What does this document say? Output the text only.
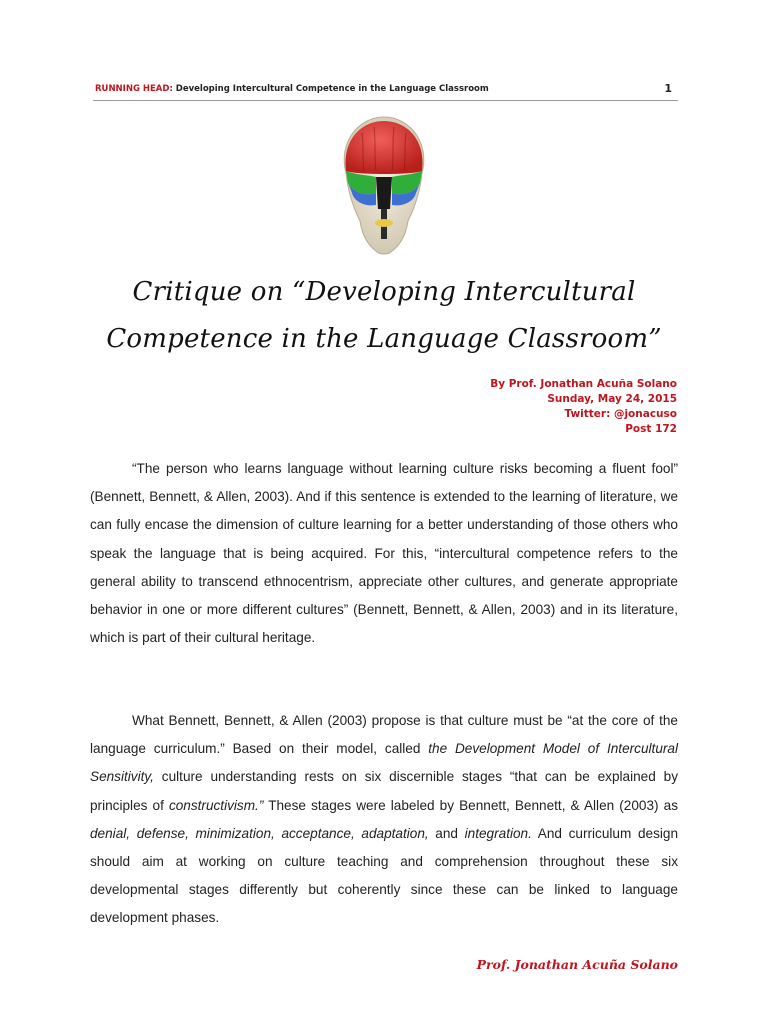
RUNNING HEAD: Developing Intercultural Competence in the Language Classroom	1
Critique on “Developing Intercultural
Competence in the Language Classroom”
By Prof. Jonathan Acuña Solano
Sunday, May 24, 2015
Twitter: @jonacuso
Post 172
“The person who learns language without learning culture risks becoming a fluent fool” (Bennett, Bennett, & Allen, 2003). And if this sentence is extended to the learning of literature, we can fully encase the dimension of culture learning for a better understanding of those others who speak the language that is being acquired. For this, “intercultural competence refers to the general ability to transcend ethnocentrism, appreciate other cultures, and generate appropriate behavior in one or more different cultures” (Bennett, Bennett, & Allen, 2003) and in its literature, which is part of their cultural heritage.
What Bennett, Bennett, & Allen (2003) propose is that culture must be “at the core of the language curriculum.” Based on their model, called the Development Model of Intercultural Sensitivity, culture understanding rests on six discernible stages “that can be explained by principles of constructivism.” These stages were labeled by Bennett, Bennett, & Allen (2003) as denial, defense, minimization, acceptance, adaptation, and integration. And curriculum design should aim at working on culture teaching and comprehension throughout these six developmental stages differently but coherently since these can be linked to language development phases.
Prof. Jonathan Acuña Solano
